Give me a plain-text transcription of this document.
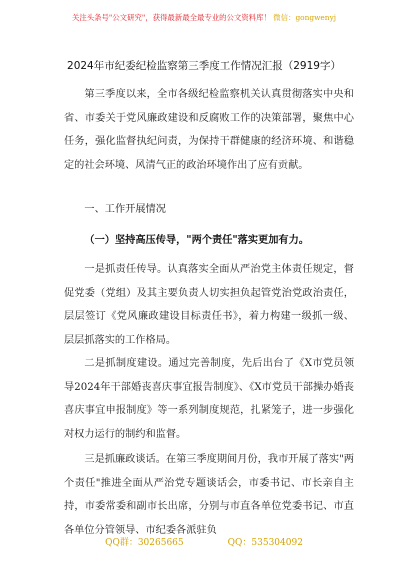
关注头条号"公文研究"，获得最新最全最专业的公文资料库！ 微信：gongwenyj
2024年市纪委纪检监察第三季度工作情况汇报（2919字）

第三季度以来，全市各级纪检监察机关认真贯彻落实中央和省、市委关于党风廉政建设和反腐败工作的决策部署，聚焦中心任务，强化监督执纪问责，为保持干群健康的经济环境、和谐稳定的社会环境、风清气正的政治环境作出了应有贡献。

一、工作开展情况
（一）坚持高压传导，"两个责任"落实更加有力。

一是抓责任传导。认真落实全面从严治党主体责任规定，督促党委（党组）及其主要负责人切实担负起管党治党政治责任，层层签订《党风廉政建设目标责任书》，着力构建一级抓一级、层层抓落实的工作格局。

二是抓制度建设。通过完善制度，先后出台了《X市党员领导2024年干部婚丧喜庆事宜报告制度》、《X市党员干部操办婚丧喜庆事宜申报制度》等一系列制度规范，扎紧笼子，进一步强化对权力运行的制约和监督。

三是抓廉政谈话。在第三季度期间月份，我市开展了落实"两个责任"推进全面从严治党专题谈话会，市委书记、市长亲自主持，市委常委和副市长出席，分别与市直各单位党委书记、市直各单位分管领导、市纪委各派驻负

QQ群：30265665	QQ：535304092
